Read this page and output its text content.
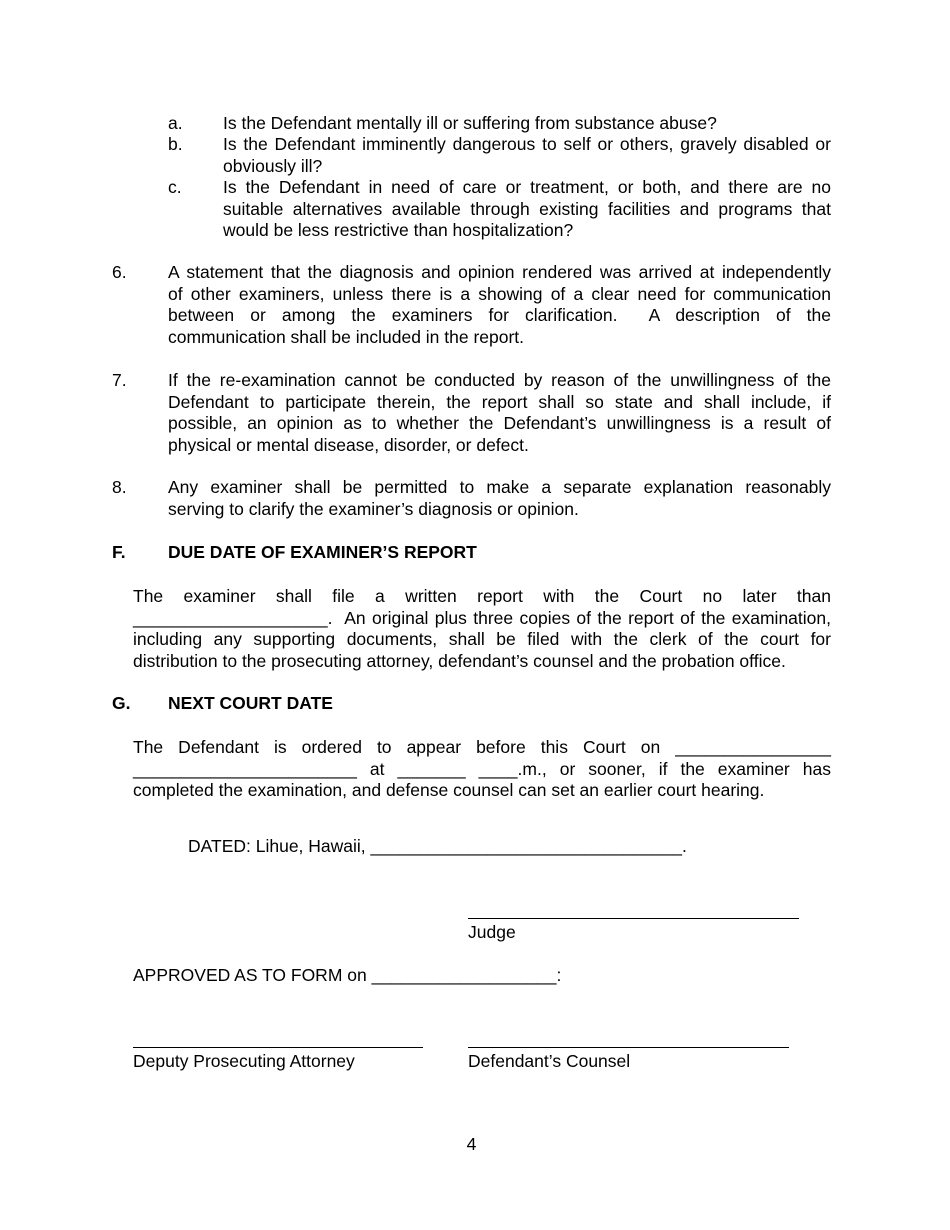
a. Is the Defendant mentally ill or suffering from substance abuse?
b. Is the Defendant imminently dangerous to self or others, gravely disabled or
obviously ill?
c. Is the Defendant in need of care or treatment, or both, and there are no
suitable alternatives available through existing facilities and programs that
would be less restrictive than hospitalization?
6. A statement that the diagnosis and opinion rendered was arrived at independently
of other examiners, unless there is a showing of a clear need for communication
between or among the examiners for clarification.  A description of the
communication shall be included in the report.
7. If the re-examination cannot be conducted by reason of the unwillingness of the
Defendant to participate therein, the report shall so state and shall include, if
possible, an opinion as to whether the Defendant’s unwillingness is a result of
physical or mental disease, disorder, or defect.
8. Any examiner shall be permitted to make a separate explanation reasonably
serving to clarify the examiner’s diagnosis or opinion.
F. DUE DATE OF EXAMINER’S REPORT
The examiner shall file a written report with the Court no later than
____________________.  An original plus three copies of the report of the examination,
including any supporting documents, shall be filed with the clerk of the court for
distribution to the prosecuting attorney, defendant’s counsel and the probation office.
G. NEXT COURT DATE
The Defendant is ordered to appear before this Court on ________________
_______________________ at _______ ____.m., or sooner, if the examiner has
completed the examination, and defense counsel can set an earlier court hearing.
DATED: Lihue, Hawaii, ________________________________.
Judge
APPROVED AS TO FORM on ___________________:
Deputy Prosecuting Attorney	Defendant’s Counsel
4
